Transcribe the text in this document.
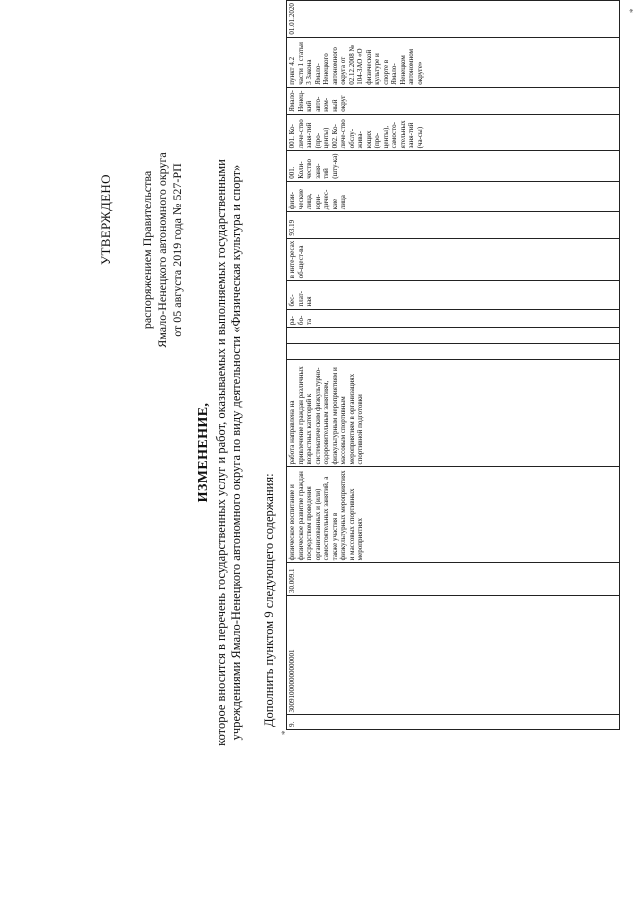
УТВЕРЖДЕНО распоряжением Правительства Ямало-Ненецкого автономного округа от 05 августа 2019 года № 527-РП
ИЗМЕНЕНИЕ, которое вносится в перечень государственных услуг и работ, оказываемых и выполняемых государственными учреждениями Ямало-Ненецкого автономного округа по виду деятельности «Физическая культура и спорт» Дополнить пунктом 9 следующего содержания:
*
*
9.	300910000000000001	30.009.1	физическое воспитание и физическое развитие граждан посредством проведения организованных и (или) самостоятельных занятий, а также участия в физкультурных мероприятиях и массовых спортивных мероприятиях	работа направлена на привлечение граждан различных возрастных категорий к систематическим физкультурно-оздоровительным занятиям, физкультурным мероприятиям и массовым спортивным мероприятиям в организациях спортивной подготовки			ра-бо-та	бес-плат-ная	в инте-ресах об-щест-ва	93.19	физи-ческие лица, юри-дичес-кие лица	001. Коли-чество заня-тий (шту-ка)	001. Ко-личе-ство заня-тий (про-центы) 002. Ко-личе-ство обслу-жива-ющих (про-центы), самосто-ятельных заня-тий (ча-сы)	Ямало-Ненец-кий авто-ном-ный округ	пункт 4.2 части 1 статьи 3 Закона Ямало-Ненецкого автономного округа от 02.12.2008 № 104-ЗАО «О физической культуре и спорте в Ямало-Ненецком автономном округе»	01.01.2020
